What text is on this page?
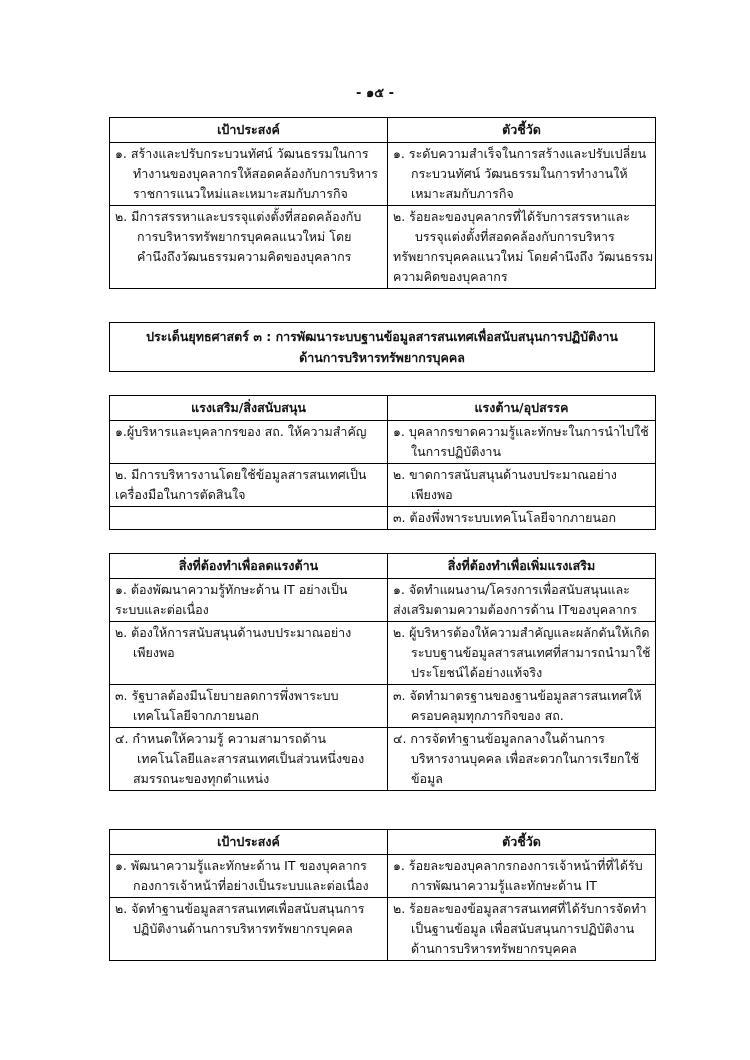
- ๑๕ -
เป้าประสงค์	ตัวชี้วัด

๑. สร้างและปรับกระบวนทัศน์ วัฒนธรรมในการ
ทำงานของบุคลากรให้สอดคล้องกับการบริหาร
ราชการแนวใหม่และเหมาะสมกับภารกิจ	๑. ระดับความสำเร็จในการสร้างและปรับเปลี่ยน
กระบวนทัศน์ วัฒนธรรมในการทำงานให้
เหมาะสมกับภารกิจ

๒. มีการสรรหาและบรรจุแต่งตั้งที่สอดคล้องกับ
การบริหารทรัพยากรบุคคลแนวใหม่ โดย
คำนึงถึงวัฒนธรรมความคิดของบุคลากร	๒. ร้อยละของบุคลากรที่ได้รับการสรรหาและ
บรรจุแต่งตั้งที่สอดคล้องกับการบริหาร
ทรัพยากรบุคคลแนวใหม่ โดยคำนึงถึง วัฒนธรรม
ความคิดของบุคลากร
ประเด็นยุทธศาสตร์ ๓ : การพัฒนาระบบฐานข้อมูลสารสนเทศเพื่อสนับสนุนการปฏิบัติงาน
ด้านการบริหารทรัพยากรบุคคล
แรงเสริม/สิ่งสนับสนุน	แรงต้าน/อุปสรรค

๑.ผู้บริหารและบุคลากรของ สถ. ให้ความสำคัญ	๑. บุคลากรขาดความรู้และทักษะในการนำไปใช้
ในการปฏิบัติงาน

๒. มีการบริหารงานโดยใช้ข้อมูลสารสนเทศเป็น
เครื่องมือในการตัดสินใจ	๒. ขาดการสนับสนุนด้านงบประมาณอย่าง
เพียงพอ

	๓. ต้องพึ่งพาระบบเทคโนโลยีจากภายนอก
สิ่งที่ต้องทำเพื่อลดแรงต้าน	สิ่งที่ต้องทำเพื่อเพิ่มแรงเสริม

๑. ต้องพัฒนาความรู้ทักษะด้าน IT อย่างเป็น
ระบบและต่อเนื่อง	๑. จัดทำแผนงาน/โครงการเพื่อสนับสนุนและ
ส่งเสริมตามความต้องการด้าน ITของบุคลากร

๒. ต้องให้การสนับสนุนด้านงบประมาณอย่าง
เพียงพอ	๒. ผู้บริหารต้องให้ความสำคัญและผลักดันให้เกิด
ระบบฐานข้อมูลสารสนเทศที่สามารถนำมาใช้
ประโยชน์ได้อย่างแท้จริง

๓. รัฐบาลต้องมีนโยบายลดการพึ่งพาระบบ
เทคโนโลยีจากภายนอก	๓. จัดทำมาตรฐานของฐานข้อมูลสารสนเทศให้
ครอบคลุมทุกภารกิจของ สถ.

๔. กำหนดให้ความรู้ ความสามารถด้าน
เทคโนโลยีและสารสนเทศเป็นส่วนหนึ่งของ
สมรรถนะของทุกตำแหน่ง	๔. การจัดทำฐานข้อมูลกลางในด้านการ
บริหารงานบุคคล เพื่อสะดวกในการเรียกใช้
ข้อมูล
เป้าประสงค์	ตัวชี้วัด

๑. พัฒนาความรู้และทักษะด้าน IT ของบุคลากร
กองการเจ้าหน้าที่อย่างเป็นระบบและต่อเนื่อง	๑. ร้อยละของบุคลากรกองการเจ้าหน้าที่ที่ได้รับ
การพัฒนาความรู้และทักษะด้าน IT

๒. จัดทำฐานข้อมูลสารสนเทศเพื่อสนับสนุนการ
ปฏิบัติงานด้านการบริหารทรัพยากรบุคคล	๒. ร้อยละของข้อมูลสารสนเทศที่ได้รับการจัดทำ
เป็นฐานข้อมูล เพื่อสนับสนุนการปฏิบัติงาน
ด้านการบริหารทรัพยากรบุคคล
